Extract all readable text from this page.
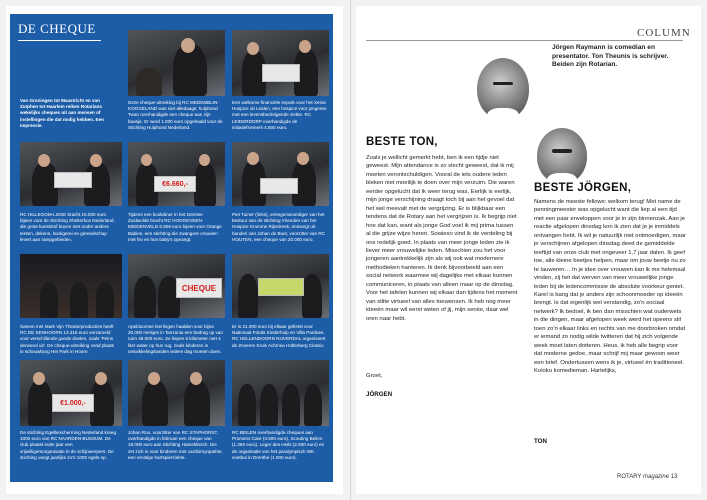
DE CHEQUE
Van Groningen tot Maastricht en van Zutphen tot Haarlem reiken Rotarians wekelijks cheques uit aan mensen of instellingen die dat nodig hebben. Een impressie.
Deze cheque-uitreiking bij RC MEDEMBLIN-KOGGELAND was niet alledaags: hulphond Twan overhandigde een cheque aan zijn baasje. Er werd 1.000 euro opgehaald voor de Stichting Hulphond Nederland.
Een welkome financiële impuls voor het Xenia Hospice uit Leiden, een hospice voor jongeren met een levensbedreigende ziekte. RC LEIDERDORP overhandigde de initiatiefnemers 4.500 euro.
RC HILLEGOM-LISSE bracht 15.000 euro bijeen voor de Stichting Shelterbox Nederland, die grote kunststof boxen met onder andere tenten, dekens, kookgerei en gereedschap levert aan rampgebieden.
€6.660,-
Tijdens een kookdiner in het Drentse Zuidwolde bracht RC HOOGEVEEN-MIDDENVELD 6.608 euro bijeen voor Orange Babies, een stichting die zwangere vrouwen met hiv en hun baby's opvangt.
Piet Tuiner (links), vertegenwoordiger van het bestuur van de stichting Vrienden van het Hospice Kromme Rijnstreek, ontvangt uit handen van Johan de Boer, voorzitter van RC HOUTEN, een cheque van 20.000 euro.
Samen met Mark Vijn Theaterproducties heeft RC DE EENHOORN 13.416 euro verzameld voor verschillende goede doelen, zoals 'Peins derwend uit'. De cheque-uitreiking vond plaats in schouwburg Het Park in Hoorn.
CHEQUE
Apeldoornse leerlingen haalden voor bijna 20.000 meisjes in Tanzania een bedrag op van ruim 48.000 euro. Ze liepen 6 kilometer met 4 liter water op hun rug, zoals kinderen in ontwikkelingslanden iedere dag moeten doen.
Er is 21.000 euro bij elkaar gefietst voor Nationaal Fonds Kinderhulp en Villa Pardoes. RC HELLENDOORN NIJVERDAL organiseert de Zeveren Kruis Achmea Holterberg Classic.
€1.000,-
De stichting Egelbescherming Nederland kreeg 1000 euro van RC NAARDEN-BUSSUM. De club plaatst ieder jaar een vrijwilligersorganisatie in de schijnwerpers. De stichting vangt jaarlijks zo'n 1000 egels op.
Johan Roo, voorzitter van RC STAPHORST, overhandigde in februari een cheque van 18.000 euro aan Stichting Hameldreich. Die zet zich in voor kinderen met cardiomyopathie, een ernstige hartspierziekte.
RC BEILEN overhandigde cheques aan Promens Care (4.500 euro), Scouting Beilen (1.250 euro), Leger des Heils (2.500 euro) en de organisatie van het paralympisch WK voetbal in Drenthe (1.000 euro).
COLUMN
Jörgen Raymann is comedian en presentator. Ton Theunis is schrijver. Beiden zijn Rotarian.
BESTE TON,
Zoals je wellicht gemerkt hebt, ben ik een tijdje niet geweest. Mijn attendance is zo slecht geweest, dat ik mij moeten verontschuldigen. Vooral de iets oudere leden bleken niet moeilijk te doen over mijn verzuim. Die waren eerder opgelucht dat ik weer terug was. Eerlijk is eerlijk, mijn jonge verschijning draagt toch bij aan het gevoel dat het wel meevalt met de vergrijzing. Er is blijkbaar een tendens dat de Rotary aan het vergrijzen is. Ik begrijp niet hoe dat kan, want als jonge God voel ik mij prima tussen al die grijze wijze heren. Sowieso vind ik de verdeling bij ons redelijk goed. In plaats van meer jonge leden zie ik liever meer vrouwelijke leden. Misschien zou het voor jongeren aantrekkelijk zijn als wij ook wat modernere methodieken hanteren. Ik denk bijvoorbeeld aan een social network waarmee wij dagelijks met elkaar kunnen communiceren, in plaats van alleen maar op de dinsdag. Voor het tafelen kunnen wij elkaar dan tijdens het moment van stilte virtueel van alles toewensen. Ik heb nog meer ideeën maar wil eerst weten of jij, mijn senior, daar wel oren naar hebt.
Groet,
JÖRGEN
BESTE JÖRGEN,
Namens de meeste fellows: welkom terug! Met name de penningmeester was opgelucht want die liep al een tijd met een paar enveloppen voor je in zijn binnenzak. Aan je reactie afgelopen dinsdag kon ik zien dat je je inmiddels ontvangen hebt. Ik wil je natuurlijk niet ontmoedigen, maar je verschijnen afgelopen dinsdag deed de gemiddelde leeftijd van onze club met ongeveer 1,7 jaar dalen. Ik geef toe, alle kleine beetjes helpen, maar om jouw beetje nu zo te lauweren… In je idee over vrouwen kan ik me helemaal vinden, zij het dat werven van meer vrouwelijke jonge leden bij de ledencommissie de absolute voorkeur geniet. Karel is bang dat je anders zijn schoonmoeder op ideeën brengt. Is dat eigenlijk wel verstandig, zo'n sociaal netwerk? Ik bedoel, ik ben dan misschien wat ouderwets in die dingen, maar afgelopen week werd het opeens stil toen zo'n elkaar links en rechts van me doorbroken omdat er iemand zo nodig wilde twitteren dat hij zich volgende week moet laten dotteren. Heus, ik heb alle begrip voor dat moderne gedoe, maar schrijf mij maar gewoon weer een brief. Ondertussen wens ik je, virtueel én traditioneel. Koloku komedieman. Hartelijks,
TON
ROTARY magazine 13
